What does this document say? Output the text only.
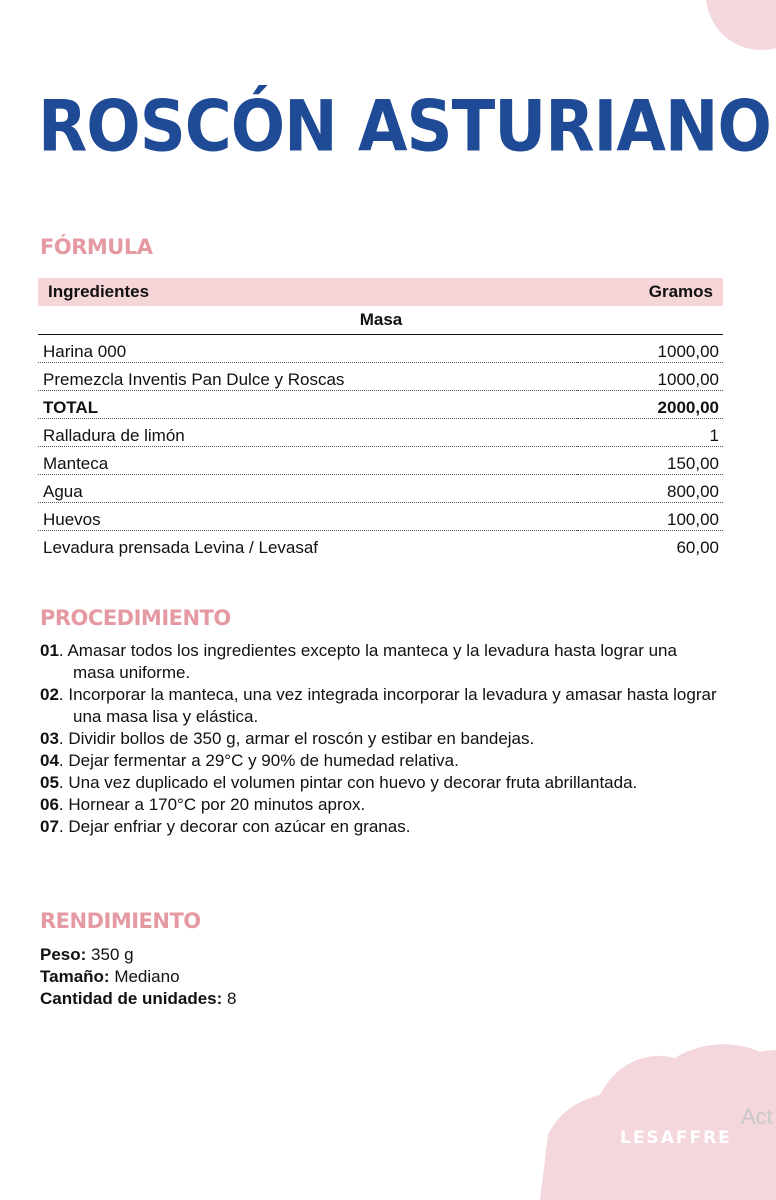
ROSCÓN ASTURIANO
FÓRMULA
Ingredientes	Gramos
Masa	
Harina 000	1000,00
Premezcla Inventis Pan Dulce y Roscas	1000,00
TOTAL	2000,00
Ralladura de limón	1
Manteca	150,00
Agua	800,00
Huevos	100,00
Levadura prensada Levina / Levasaf	60,00
PROCEDIMIENTO
01. Amasar todos los ingredientes excepto la manteca y la levadura hasta lograr una masa uniforme.
02. Incorporar la manteca, una vez integrada incorporar la levadura y amasar hasta lograr una masa lisa y elástica.
03. Dividir bollos de 350 g, armar el roscón y estibar en bandejas.
04. Dejar fermentar a 29°C y 90% de humedad relativa.
05. Una vez duplicado el volumen pintar con huevo y decorar fruta abrillantada.
06. Hornear a 170°C por 20 minutos aprox.
07. Dejar enfriar y decorar con azúcar en granas.
RENDIMIENTO
Peso: 350 g
Tamaño: Mediano
Cantidad de unidades: 8
LESAFFRE
Act
